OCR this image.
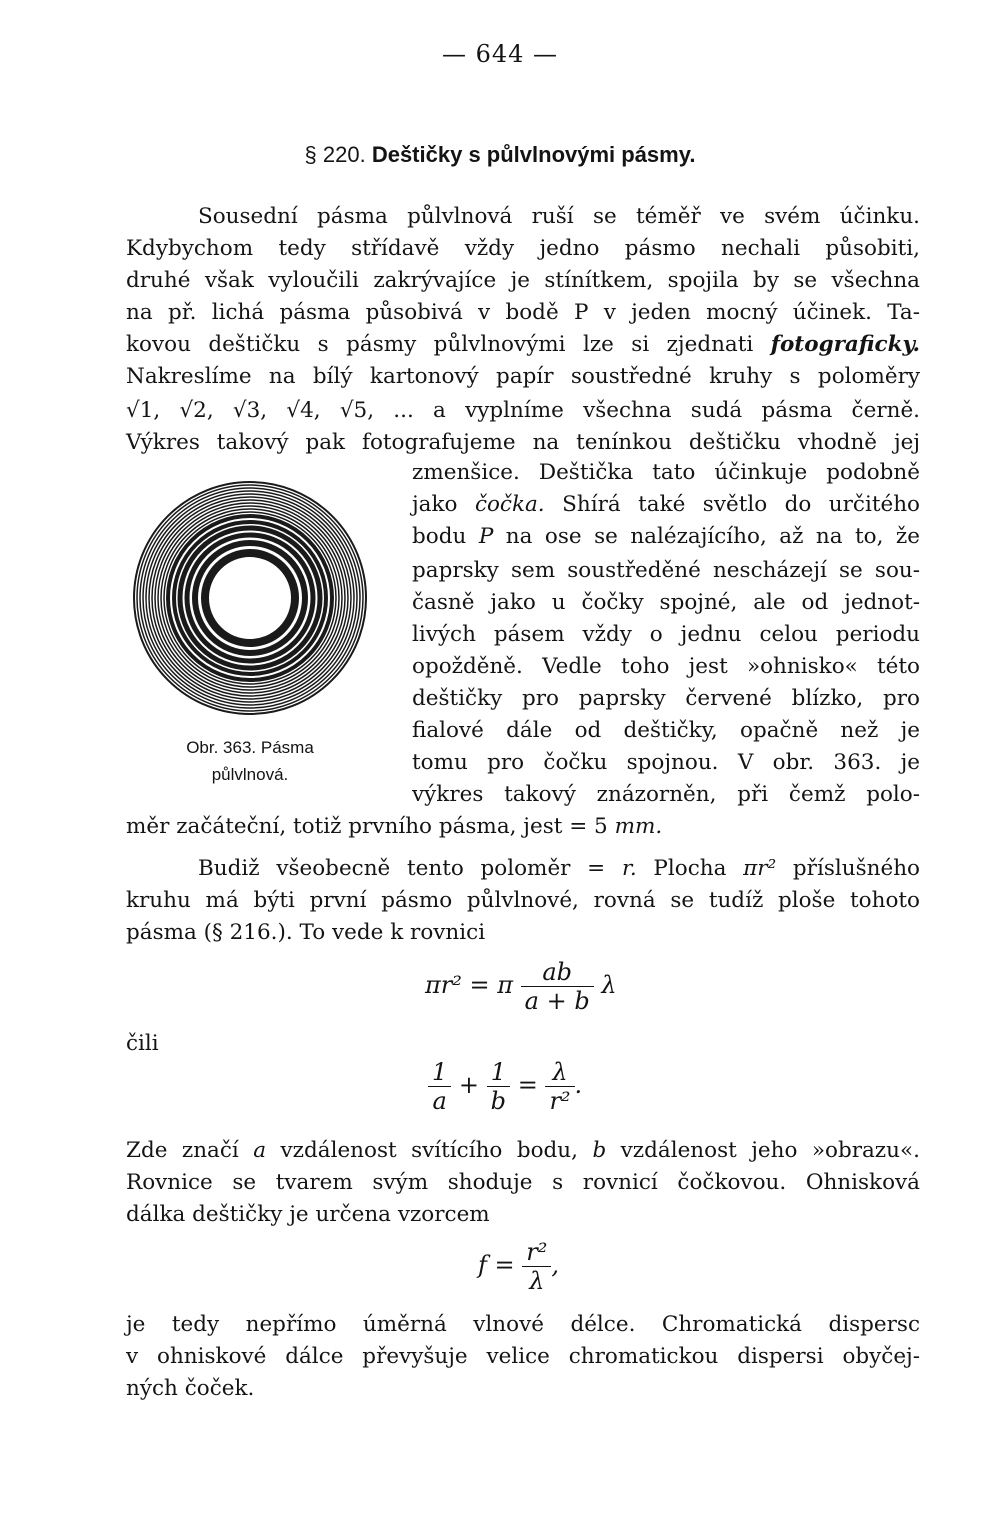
— 644 —
§ 220. Deštičky s půlvlnovými pásmy.
Sousední pásma půlvlnová ruší se téměř ve svém účinku.
Kdybychom tedy střídavě vždy jedno pásmo nechali působiti,
druhé však vyloučili zakrývajíce je stínítkem, spojila by se všechna
na př. lichá pásma působivá v bodě P v jeden mocný účinek. Ta-
kovou deštičku s pásmy půlvlnovými lze si zjednati fotograficky.
Nakreslíme na bílý kartonový papír soustředné kruhy s poloměry
√1, √2, √3, √4, √5, ... a vyplníme všechna sudá pásma černě.
Výkres takový pak fotografujeme na tenínkou deštičku vhodně jej
zmenšice. Deštička tato účinkuje podobně
jako čočka. Shírá také světlo do určitého
bodu P na ose se nalézajícího, až na to, že
paprsky sem soustředěné nescházejí se sou-
časně jako u čočky spojné, ale od jednot-
livých pásem vždy o jednu celou periodu
opožděně. Vedle toho jest »ohnisko« této
deštičky pro paprsky červené blízko, pro
fialové dále od deštičky, opačně než je
tomu pro čočku spojnou. V obr. 363. je
výkres takový znázorněn, při čemž polo-
měr začáteční, totiž prvního pásma, jest = 5 mm.
Obr. 363. Pásma
půlvlnová.
Budiž všeobecně tento poloměr = r. Plocha πr² příslušného
kruhu má býti první pásmo půlvlnové, rovná se tudíž ploše tohoto
pásma (§ 216.). To vede k rovnici
πr² = π $\frac{ab}{a + b}$ λ
čili
$\frac{1}{a} + \frac{1}{b} = \frac{\lambda}{\text{r²}}$ .
Zde značí a vzdálenost svítícího bodu, b vzdálenost jeho »obrazu«.
Rovnice se tvarem svým shoduje s rovnicí čočkovou. Ohnisková
dálka deštičky je určena vzorcem
$f = \frac{\text{r²}}{\lambda}$ ,
je tedy nepřímo úměrná vlnové délce. Chromatická dispersc
v ohniskové dálce převyšuje velice chromatickou dispersi obyčej-
ných čoček.
